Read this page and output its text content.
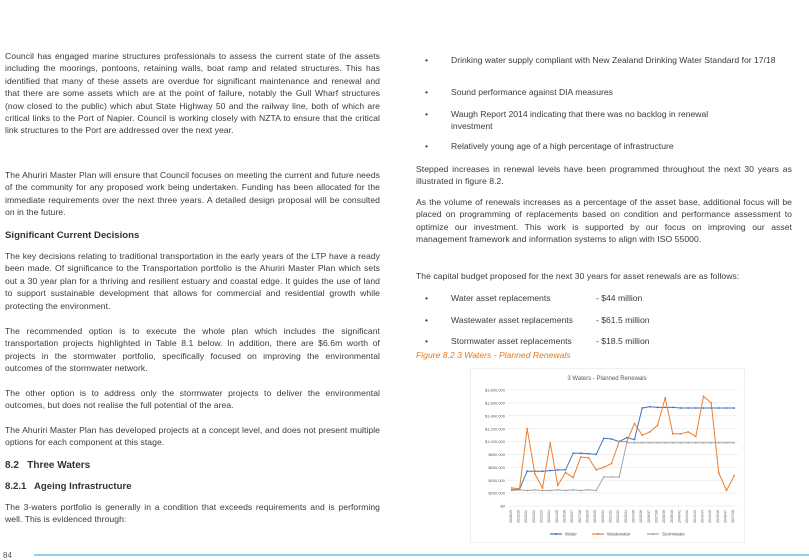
Council has engaged marine structures professionals to assess the current state of the assets including the moorings, pontoons, retaining walls, boat ramp and related structures. This has identified that many of these assets are overdue for significant maintenance and renewal and that there are some assets which are at the point of failure, notably the Gull Wharf structures (now closed to the public) which abut State Highway 50 and the railway line, both of which are critical links to the Port of Napier. Council is working closely with NZTA to ensure that the critical link structures to the Port are addressed over the next year.

The Ahuriri Master Plan will ensure that Council focuses on meeting the current and future needs of the community for any proposed work being undertaken. Funding has been allocated for the immediate requirements over the next three years. A detailed design proposal will be consulted on in the future.

Significant Current Decisions

The key decisions relating to traditional transportation in the early years of the LTP have a ready been made. Of significance to the Transportation portfolio is the Ahuriri Master Plan which sets out a 30 year plan for a thriving and resilient estuary and coastal edge. It guides the use of land to support sustainable development that allows for commercial and residential growth while protecting the environment.

The recommended option is to execute the whole plan which includes the significant transportation projects highlighted in Table 8.1 below. In addition, there are $6.6m worth of projects in the stormwater portfolio, specifically focused on improving the environmental outcomes of the stormwater network.

The other option is to address only the stormwater projects to deliver the environmental outcomes, but does not realise the full potential of the area.

The Ahuriri Master Plan has developed projects at a concept level, and does not present multiple options for each component at this stage.

8.2   Three Waters
8.2.1   Ageing Infrastructure

The 3-waters portfolio is generally in a condition that exceeds requirements and is performing well. This is evidenced through:

•	Drinking water supply compliant with New Zealand Drinking Water Standard for 17/18
•	Sound performance against DIA measures
•	Waugh Report 2014 indicating that there was no backlog in renewal investment
•	Relatively young age of a high percentage of infrastructure

Stepped increases in renewal levels have been programmed throughout the next 30 years as illustrated in figure 8.2.

As the volume of renewals increases as a percentage of the asset base, additional focus will be placed on programming of replacements based on condition and performance assessment to optimize our investment. This work is supported by our focus on improving our asset management framework and information systems to align with ISO 55000.

The capital budget proposed for the next 30 years for asset renewals are as follows:

•	Water asset replacements	- $44 million
•	Wastewater asset replacements	- $61.5 million
•	Stormwater asset replacements	- $18.5 million
Figure 8.2 3 Waters - Planned Renewals
3 Waters - Planned Renewals
$0
$200,000
$400,000
$600,000
$800,000
$1,000,000
$1,200,000
$1,400,000
$1,600,000
$1,800,000
2018/19 2019/20 2020/21 2021/22 2022/23 2023/24 2024/25 2025/26 2026/27 2027/28 2028/29 2029/30 2030/31 2031/32 2032/33 2033/34 2034/35 2035/36 2036/37 2037/38 2038/39 2039/40 2040/41 2041/42 2042/43 2043/44 2044/45 2045/46 2046/47 2047/48
Water	Wastewater	Stormwater
84
